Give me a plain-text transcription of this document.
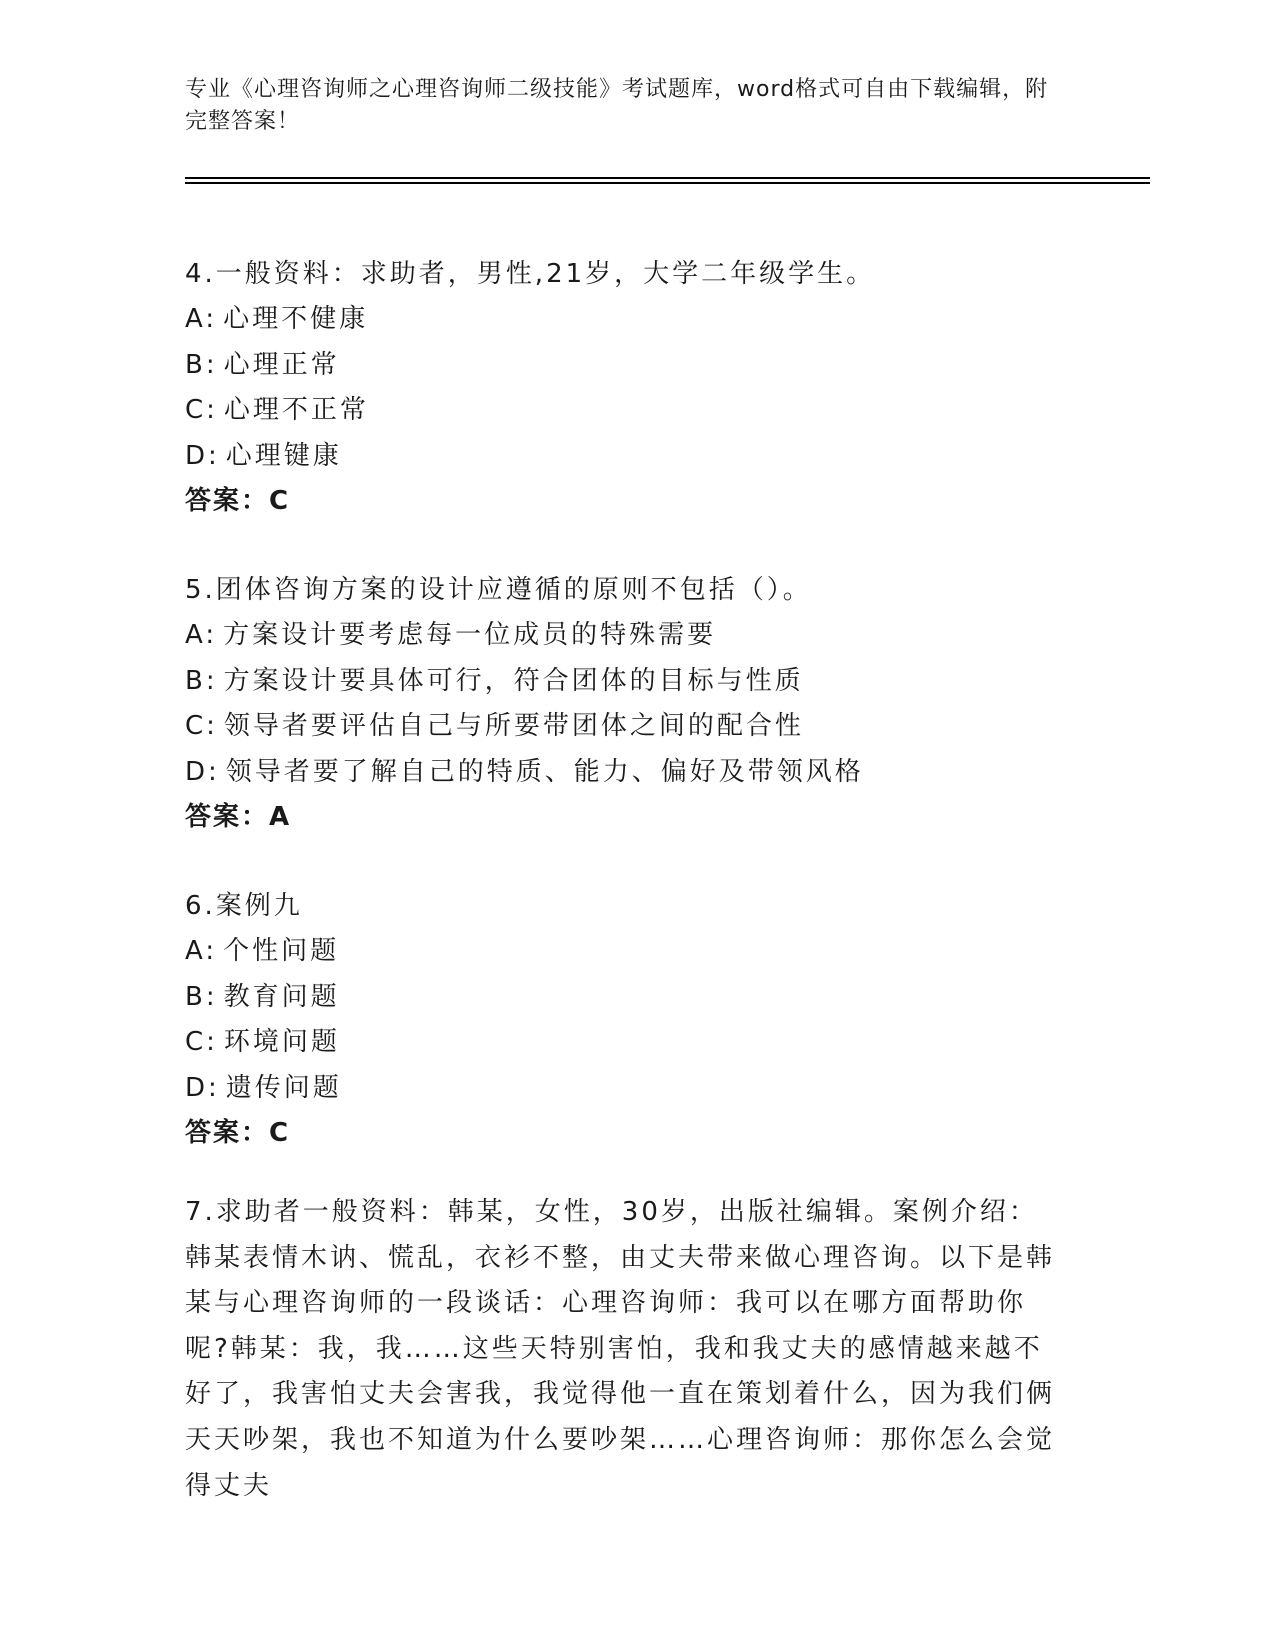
专业《心理咨询师之心理咨询师二级技能》考试题库，word格式可自由下载编辑，附完整答案！

4.一般资料：求助者，男性,21岁，大学二年级学生。

A: 心理不健康

B: 心理正常

C: 心理不正常

D: 心理键康

答案：C

5.团体咨询方案的设计应遵循的原则不包括（）。

A: 方案设计要考虑每一位成员的特殊需要

B: 方案设计要具体可行，符合团体的目标与性质

C: 领导者要评估自己与所要带团体之间的配合性

D: 领导者要了解自己的特质、能力、偏好及带领风格

答案：A

6.案例九

A: 个性问题

B: 教育问题

C: 环境问题

D: 遗传问题

答案：C

7.求助者一般资料：韩某，女性，30岁，出版社编辑。案例介绍：韩某表情木讷、慌乱，衣衫不整，由丈夫带来做心理咨询。以下是韩某与心理咨询师的一段谈话：心理咨询师：我可以在哪方面帮助你呢?韩某：我，我……这些天特别害怕，我和我丈夫的感情越来越不好了，我害怕丈夫会害我，我觉得他一直在策划着什么，因为我们俩天天吵架，我也不知道为什么要吵架……心理咨询师：那你怎么会觉得丈夫
